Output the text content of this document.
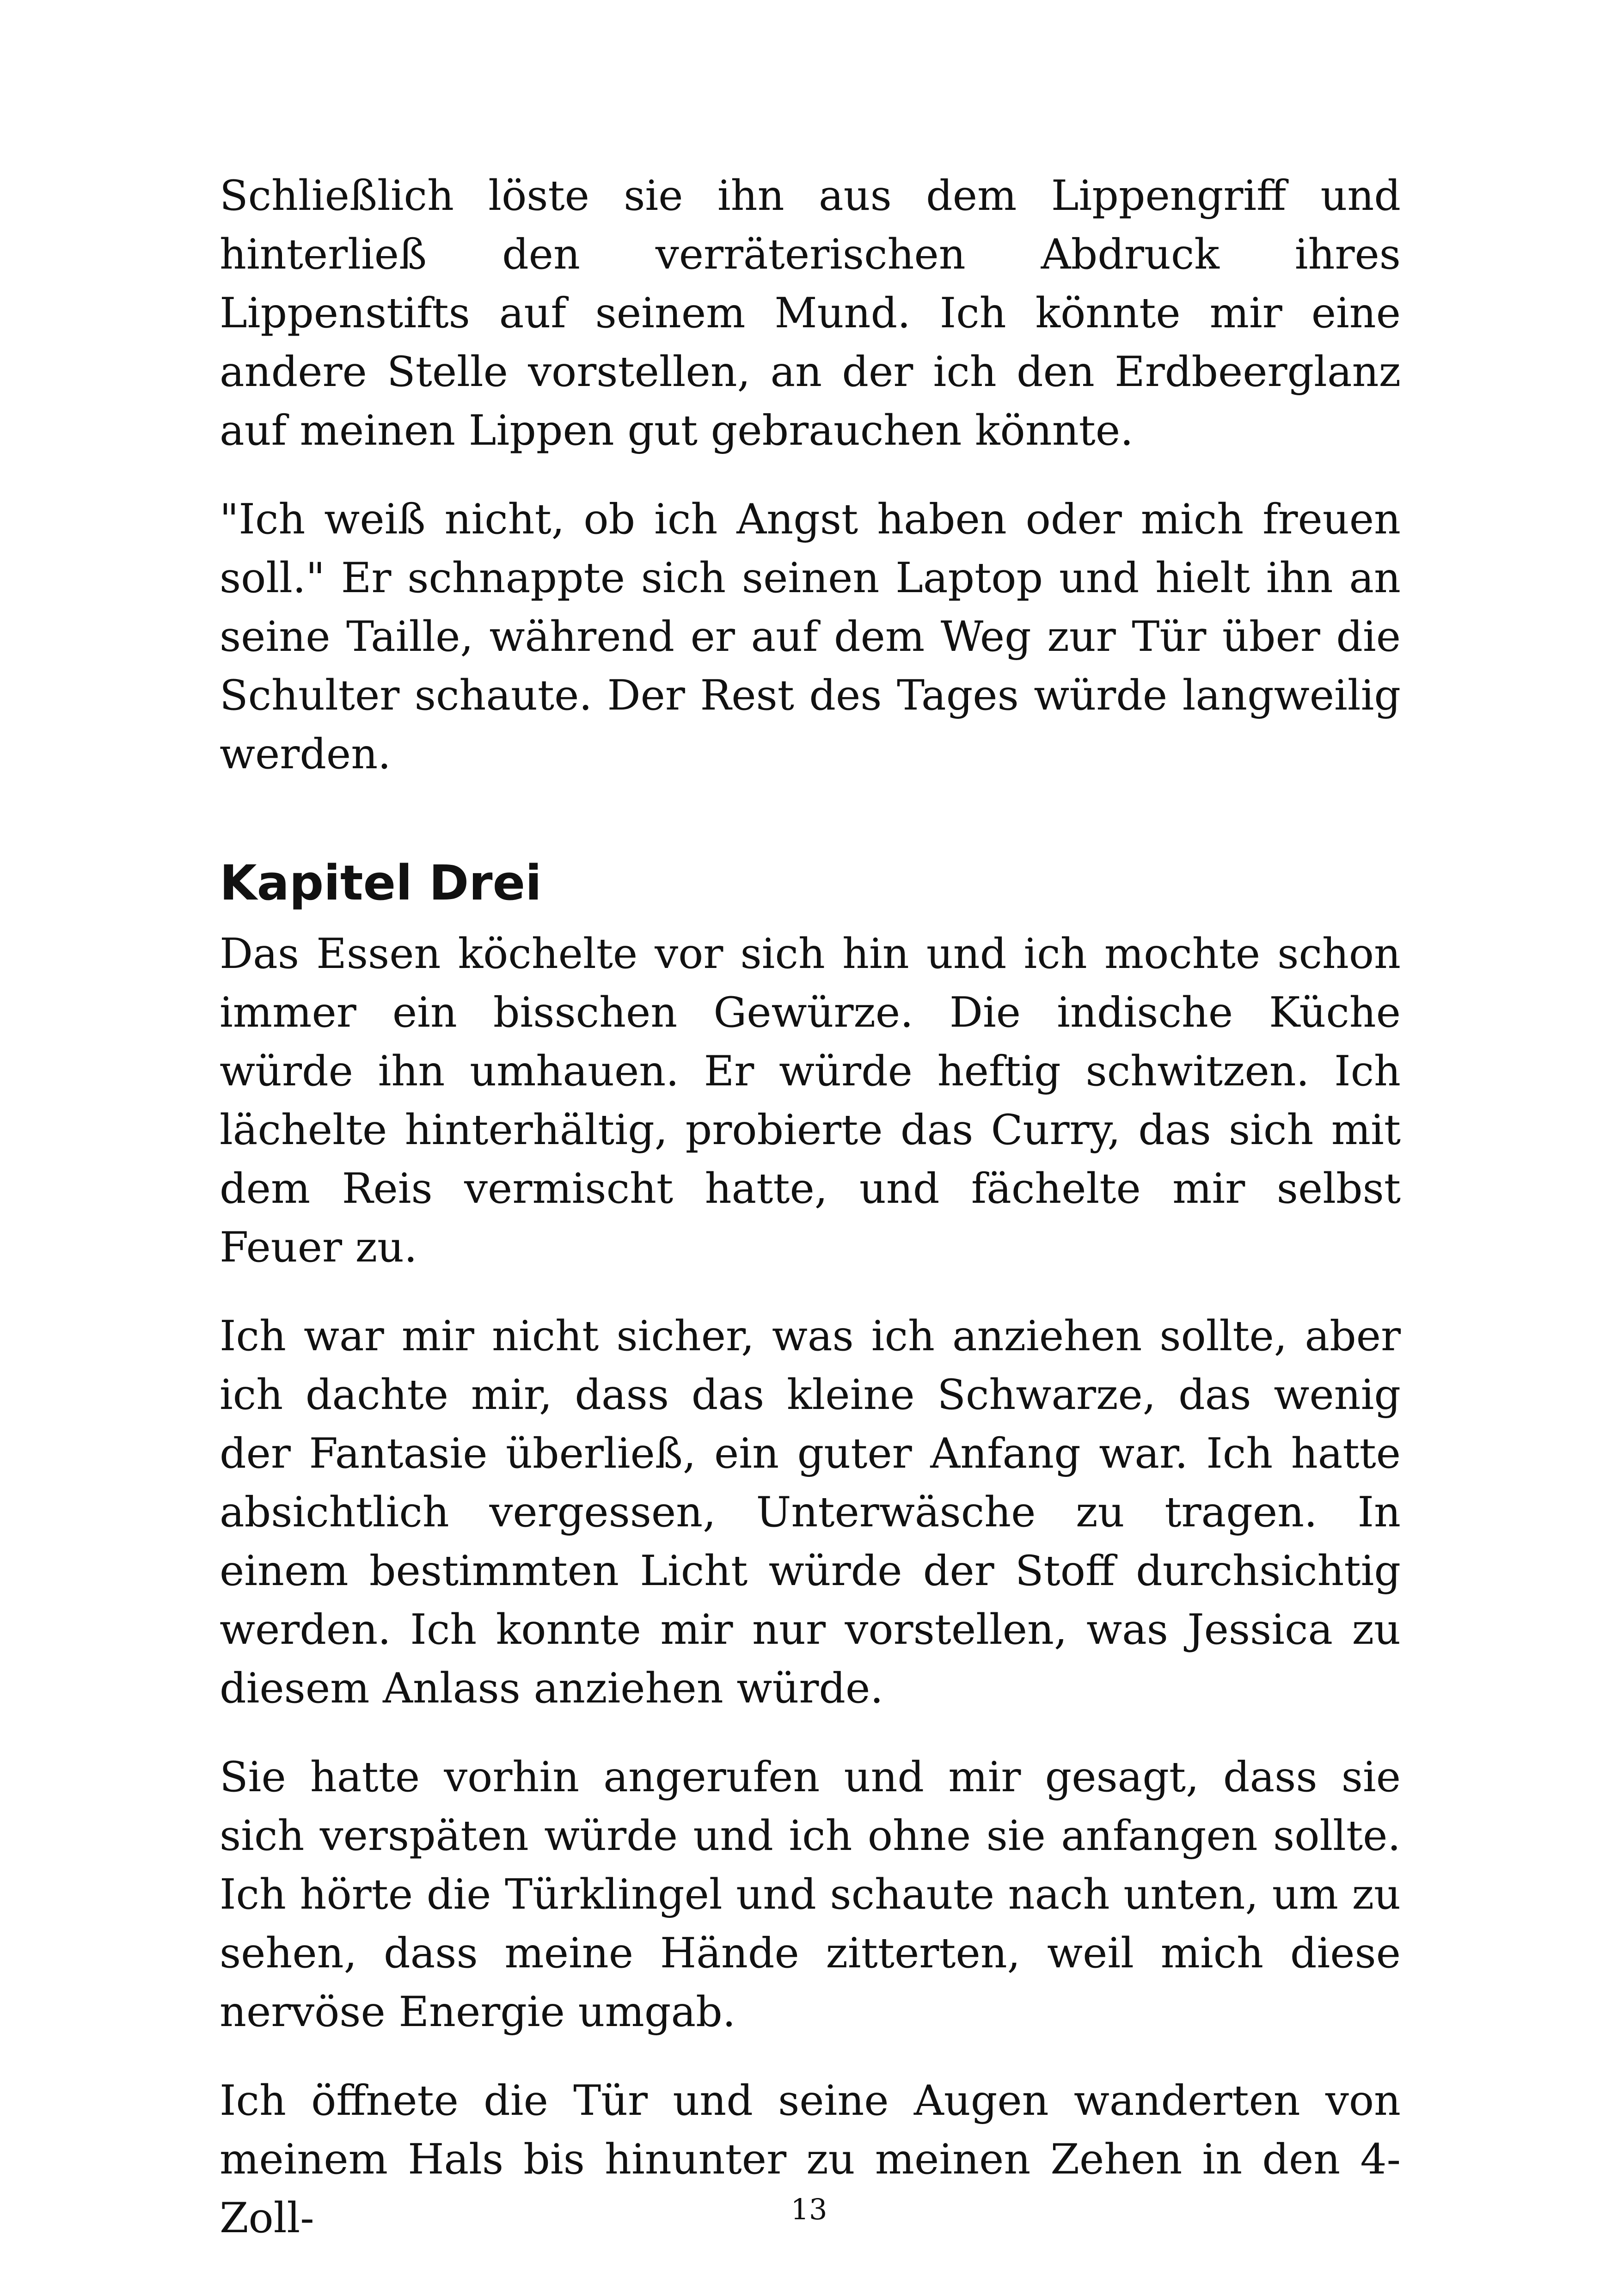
Schließlich löste sie ihn aus dem Lippengriff und hinterließ den verräterischen Abdruck ihres Lippenstifts auf seinem Mund. Ich könnte mir eine andere Stelle vorstellen, an der ich den Erdbeerglanz auf meinen Lippen gut gebrauchen könnte.

"Ich weiß nicht, ob ich Angst haben oder mich freuen soll." Er schnappte sich seinen Laptop und hielt ihn an seine Taille, während er auf dem Weg zur Tür über die Schulter schaute. Der Rest des Tages würde langweilig werden.

Kapitel Drei

Das Essen köchelte vor sich hin und ich mochte schon immer ein bisschen Gewürze. Die indische Küche würde ihn umhauen. Er würde heftig schwitzen. Ich lächelte hinterhältig, probierte das Curry, das sich mit dem Reis vermischt hatte, und fächelte mir selbst Feuer zu.

Ich war mir nicht sicher, was ich anziehen sollte, aber ich dachte mir, dass das kleine Schwarze, das wenig der Fantasie überließ, ein guter Anfang war. Ich hatte absichtlich vergessen, Unterwäsche zu tragen. In einem bestimmten Licht würde der Stoff durchsichtig werden. Ich konnte mir nur vorstellen, was Jessica zu diesem Anlass anziehen würde.

Sie hatte vorhin angerufen und mir gesagt, dass sie sich verspäten würde und ich ohne sie anfangen sollte. Ich hörte die Türklingel und schaute nach unten, um zu sehen, dass meine Hände zitterten, weil mich diese nervöse Energie umgab.

Ich öffnete die Tür und seine Augen wanderten von meinem Hals bis hinunter zu meinen Zehen in den 4-Zoll-	13
